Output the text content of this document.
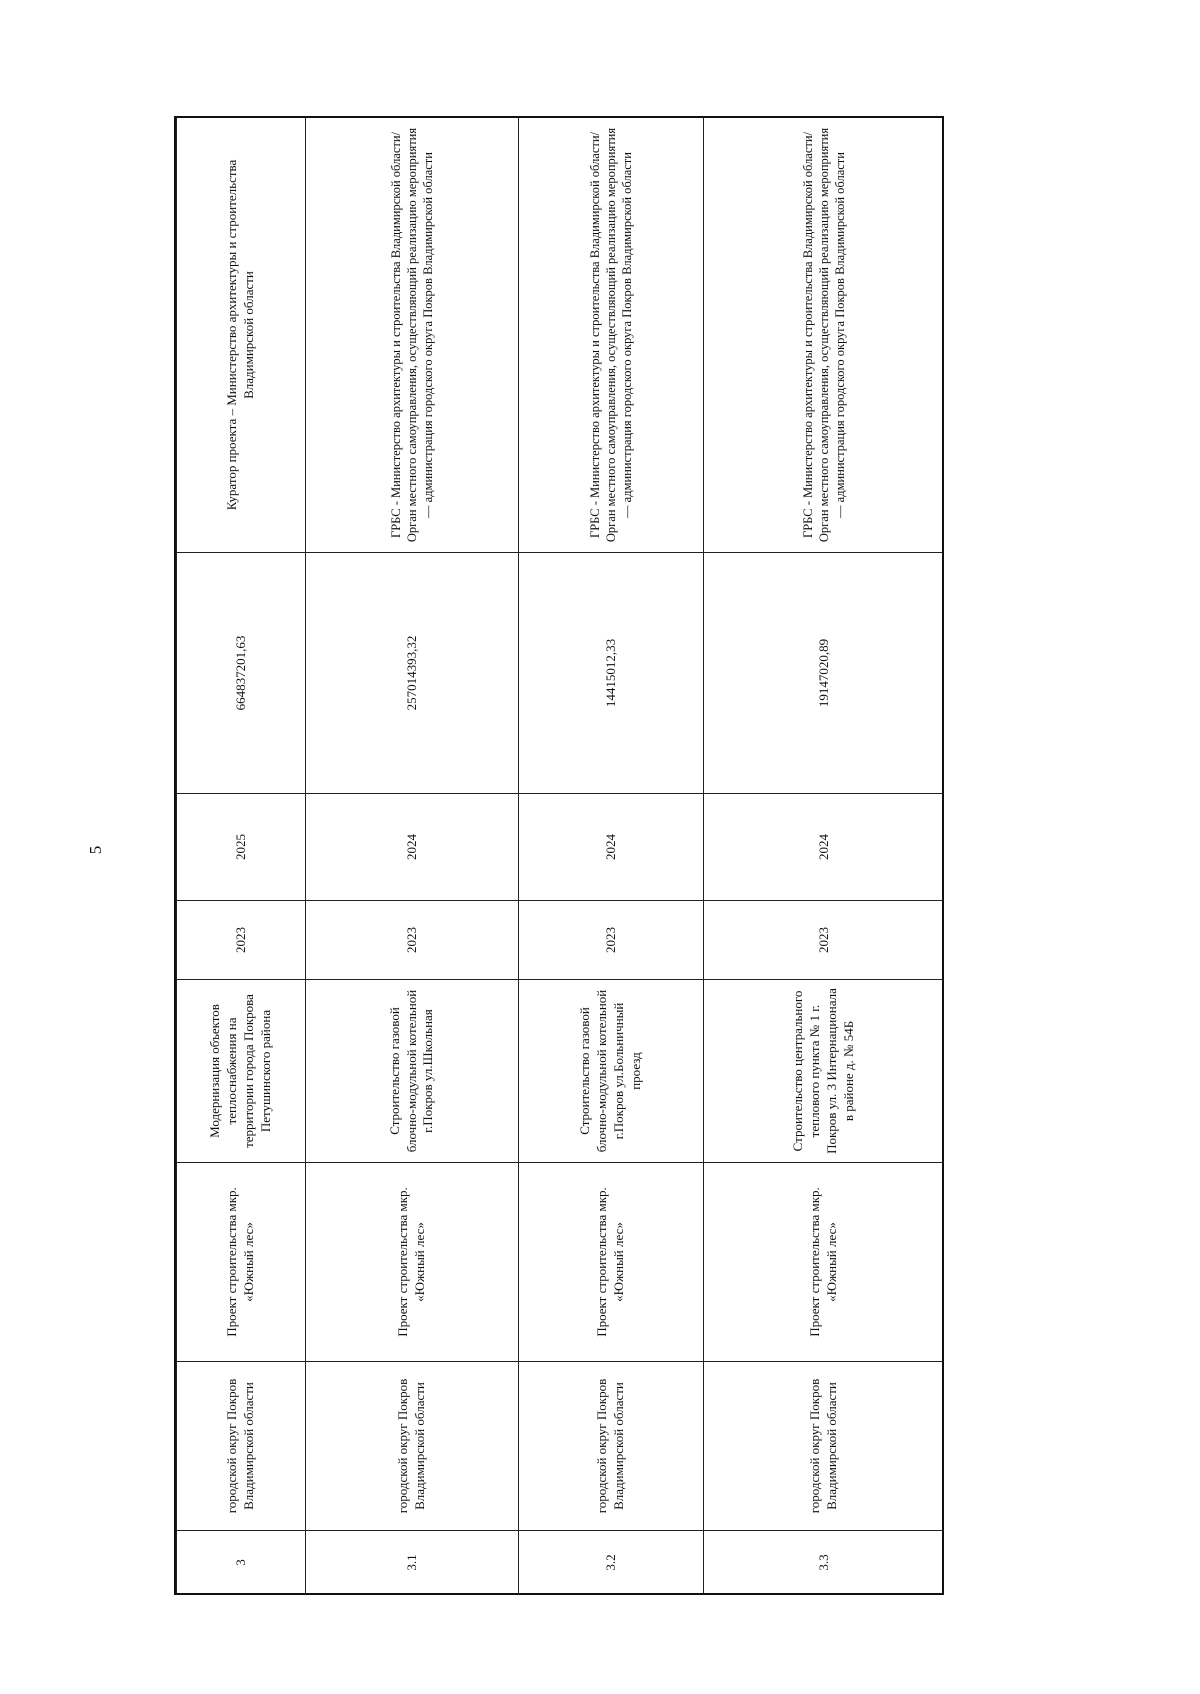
5
3	городской округ Покров Владимирской области	Проект строительства мкр. «Южный лес»	Модернизация объектов теплоснабжения на территории города Покрова Петушинского района	2023	2025	664837201,63	Куратор проекта – Министерство архитектуры и строительства Владимирской области
3.1	городской округ Покров Владимирской области	Проект строительства мкр. «Южный лес»	Строительство газовой блочно-модульной котельной г.Покров ул.Школьная	2023	2024	257014393,32	ГРБС - Министерство архитектуры и строительства Владимирской области/ Орган местного самоуправления, осуществляющий реализацию мероприятия — администрация городского округа Покров Владимирской области
3.2	городской округ Покров Владимирской области	Проект строительства мкр. «Южный лес»	Строительство газовой блочно-модульной котельной г.Покров ул.Больничный проезд	2023	2024	14415012,33	ГРБС - Министерство архитектуры и строительства Владимирской области/ Орган местного самоуправления, осуществляющий реализацию мероприятия — администрация городского округа Покров Владимирской области
3.3	городской округ Покров Владимирской области	Проект строительства мкр. «Южный лес»	Строительство центрального теплового пункта № 1 г. Покров ул. 3 Интернационала в районе д. № 54Б	2023	2024	19147020,89	ГРБС - Министерство архитектуры и строительства Владимирской области/ Орган местного самоуправления, осуществляющий реализацию мероприятия — администрация городского округа Покров Владимирской области
